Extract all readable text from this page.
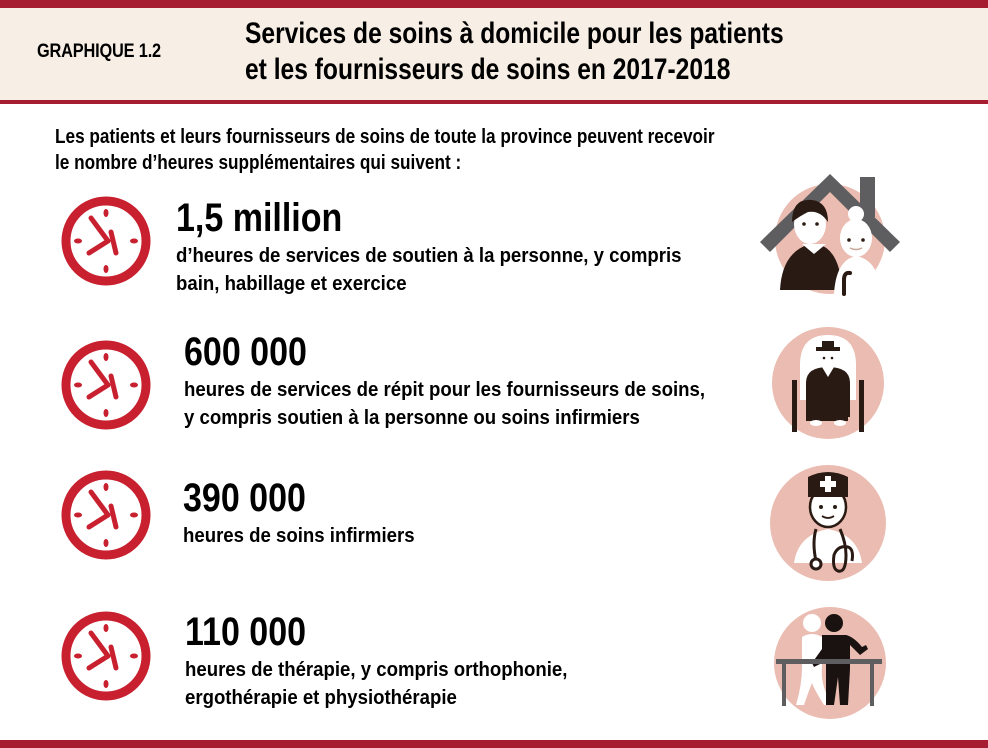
GRAPHIQUE 1.2
Services de soins à domicile pour les patients
et les fournisseurs de soins en 2017-2018
Les patients et leurs fournisseurs de soins de toute la province peuvent recevoir
le nombre d’heures supplémentaires qui suivent :
1,5 million
d’heures de services de soutien à la personne, y compris
bain, habillage et exercice
600 000
heures de services de répit pour les fournisseurs de soins,
y compris soutien à la personne ou soins infirmiers
390 000
heures de soins infirmiers
110 000
heures de thérapie, y compris orthophonie,
ergothérapie et physiothérapie
